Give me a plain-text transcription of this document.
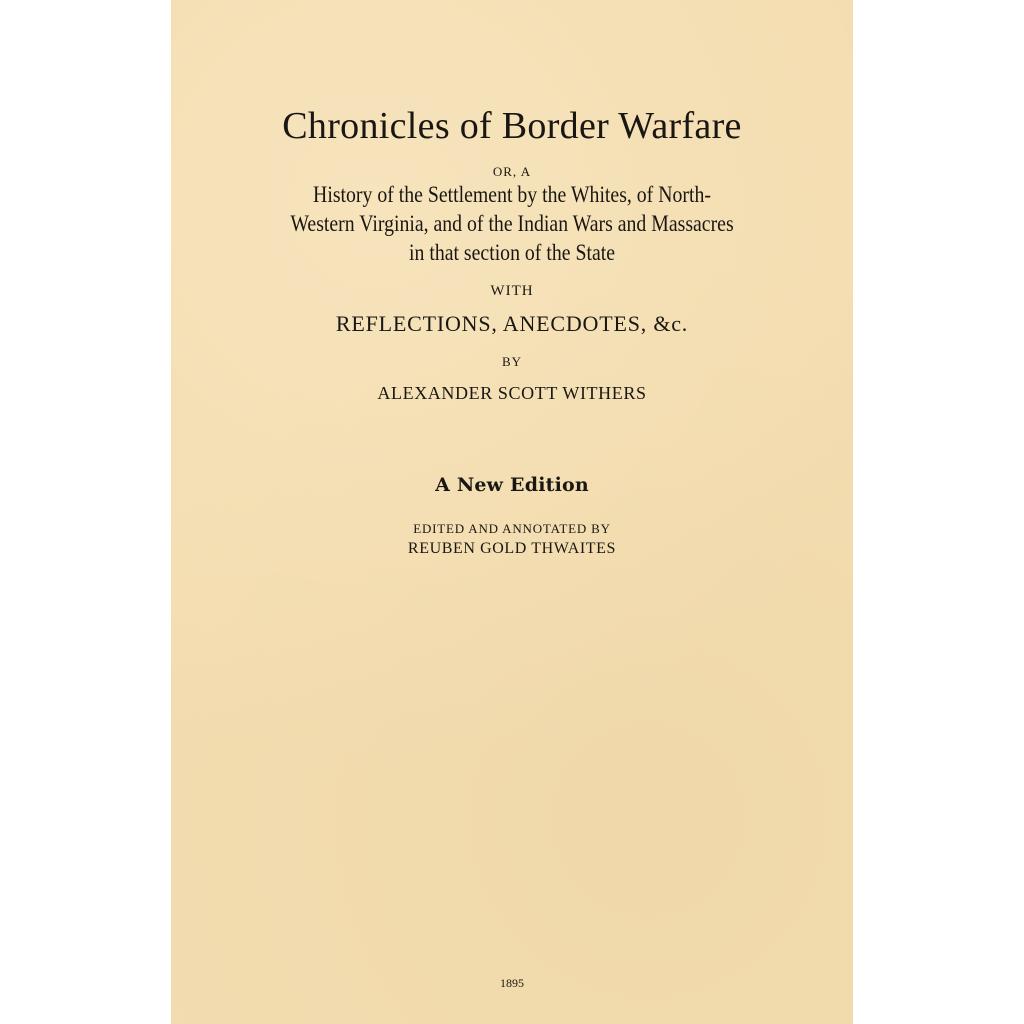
Chronicles of Border Warfare
OR, A
History of the Settlement by the Whites, of North-
Western Virginia, and of the Indian Wars and Massacres
in that section of the State
WITH
REFLECTIONS, ANECDOTES, &c.
BY
ALEXANDER SCOTT WITHERS
A New Edition
EDITED AND ANNOTATED BY
REUBEN GOLD THWAITES
1895
